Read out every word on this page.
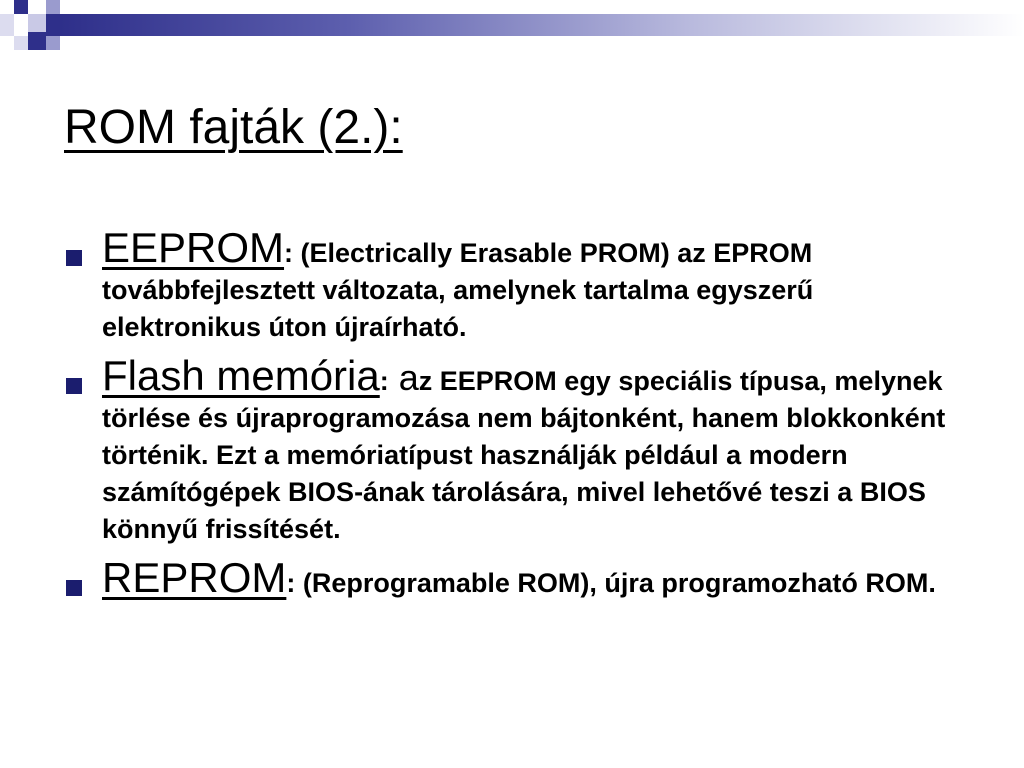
ROM fajták (2.):
EEPROM: (Electrically Erasable PROM) az EPROM továbbfejlesztett változata, amelynek tartalma egyszerű elektronikus úton újraírható.
Flash memória: az EEPROM egy speciális típusa, melynek törlése és újraprogramozása nem bájtonként, hanem blokkonként történik. Ezt a memóriatípust használják például a modern számítógépek BIOS-ának tárolására, mivel lehetővé teszi a BIOS könnyű frissítését.
REPROM: (Reprogramable ROM), újra programozható ROM.
